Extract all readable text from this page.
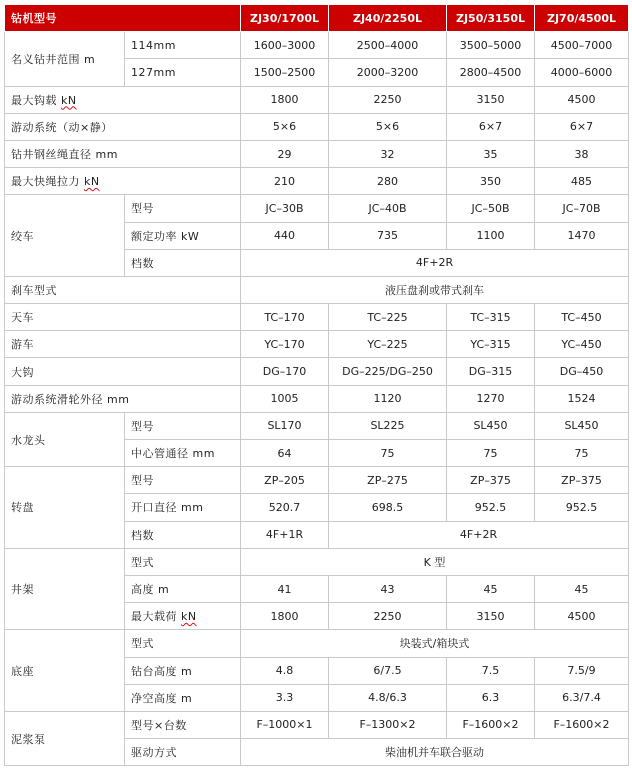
钻机型号		ZJ30/1700L	ZJ40/2250L	ZJ50/3150L	ZJ70/4500L
名义钻井范围 m	114mm	1600–3000	2500–4000	3500–5000	4500–7000
	127mm	1500–2500	2000–3200	2800–4500	4000–6000
最大钩载 kN		1800	2250	3150	4500
游动系统（动×静）		5×6	5×6	6×7	6×7
钻井钢丝绳直径 mm		29	32	35	38
最大快绳拉力 kN		210	280	350	485
绞车	型号	JC–30B	JC–40B	JC–50B	JC–70B
	额定功率 kW	440	735	1100	1470
	档数	4F+2R			
刹车型式		液压盘刹或带式刹车			
天车		TC–170	TC–225	TC–315	TC–450
游车		YC–170	YC–225	YC–315	YC–450
大钩		DG–170	DG–225/DG–250	DG–315	DG–450
游动系统滑轮外径 mm		1005	1120	1270	1524
水龙头	型号	SL170	SL225	SL450	SL450
	中心管通径 mm	64	75	75	75
转盘	型号	ZP–205	ZP–275	ZP–375	ZP–375
	开口直径 mm	520.7	698.5	952.5	952.5
	档数	4F+1R	4F+2R		
井架	型式	K 型			
	高度 m	41	43	45	45
	最大载荷 kN	1800	2250	3150	4500
底座	型式	块装式/箱块式			
	钻台高度 m	4.8	6/7.5	7.5	7.5/9
	净空高度 m	3.3	4.8/6.3	6.3	6.3/7.4
泥浆泵	型号×台数	F–1000×1	F–1300×2	F–1600×2	F–1600×2
	驱动方式	柴油机并车联合驱动			
